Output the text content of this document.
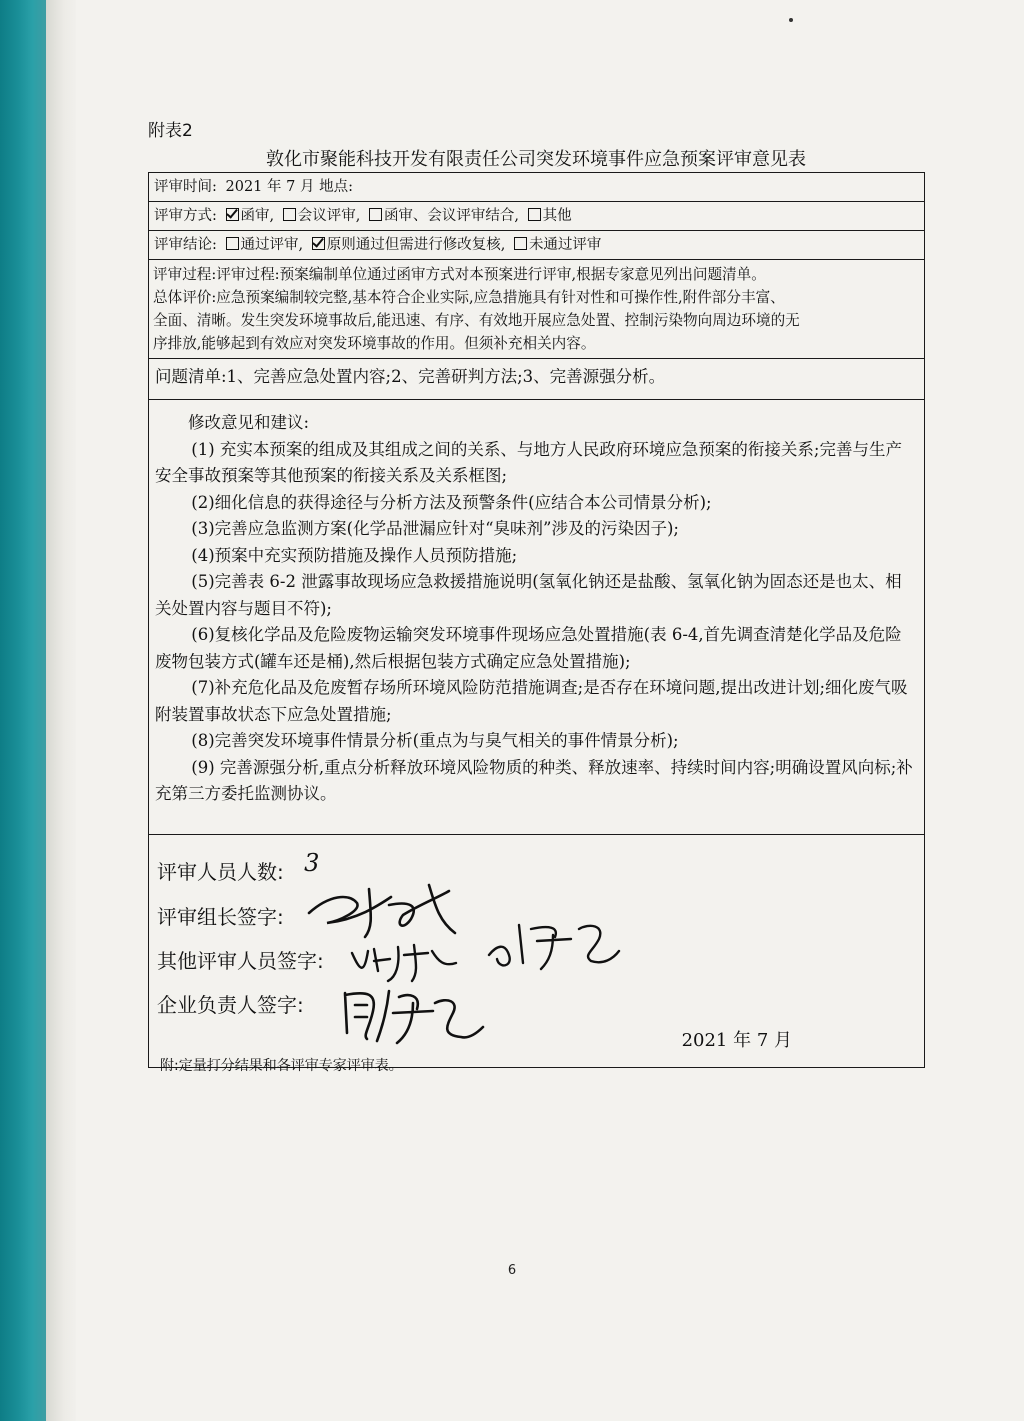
附表2
敦化市聚能科技开发有限责任公司突发环境事件应急预案评审意见表
评审时间: 2021 年 7 月 地点:
评审方式: 函审, 会议评审, 函审、会议评审结合, 其他
评审结论: 通过评审, 原则通过但需进行修改复核, 未通过评审

评审过程:评审过程:预案编制单位通过函审方式对本预案进行评审,根据专家意见列出问题清单。
总体评价:应急预案编制较完整,基本符合企业实际,应急措施具有针对性和可操作性,附件部分丰富、
全面、清晰。发生突发环境事故后,能迅速、有序、有效地开展应急处置、控制污染物向周边环境的无
序排放,能够起到有效应对突发环境事故的作用。但须补充相关内容。

问题清单:1、完善应急处置内容;2、完善研判方法;3、完善源强分析。

修改意见和建议:

(1) 充实本预案的组成及其组成之间的关系、与地方人民政府环境应急预案的衔接关系;完善与生产安全事故預案等其他预案的衔接关系及关系框图;

(2)细化信息的获得途径与分析方法及预警条件(应结合本公司情景分析);

(3)完善应急监测方案(化学品泄漏应针对“臭味剂”涉及的污染因子);

(4)预案中充实预防措施及操作人员预防措施;

(5)完善表 6-2 泄露事故现场应急救援措施说明(氢氧化钠还是盐酸、氢氧化钠为固态还是也太、相关处置内容与题目不符);

(6)复核化学品及危险废物运输突发环境事件现场应急处置措施(表 6-4,首先调查清楚化学品及危险废物包装方式(罐车还是桶),然后根据包装方式确定应急处置措施);

(7)补充危化品及危废暂存场所环境风险防范措施调查;是否存在环境问题,提出改进计划;细化废气吸附装置事故状态下应急处置措施;

(8)完善突发环境事件情景分析(重点为与臭气相关的事件情景分析);

(9) 完善源强分析,重点分析释放环境风险物质的种类、释放速率、持续时间内容;明确设置风向标;补充第三方委托监测协议。

评审人员人数: 3
评审组长签字:
其他评审人员签字:
企业负责人签字:
2021 年 7 月
附:定量打分结果和各评审专家评审表。
6
